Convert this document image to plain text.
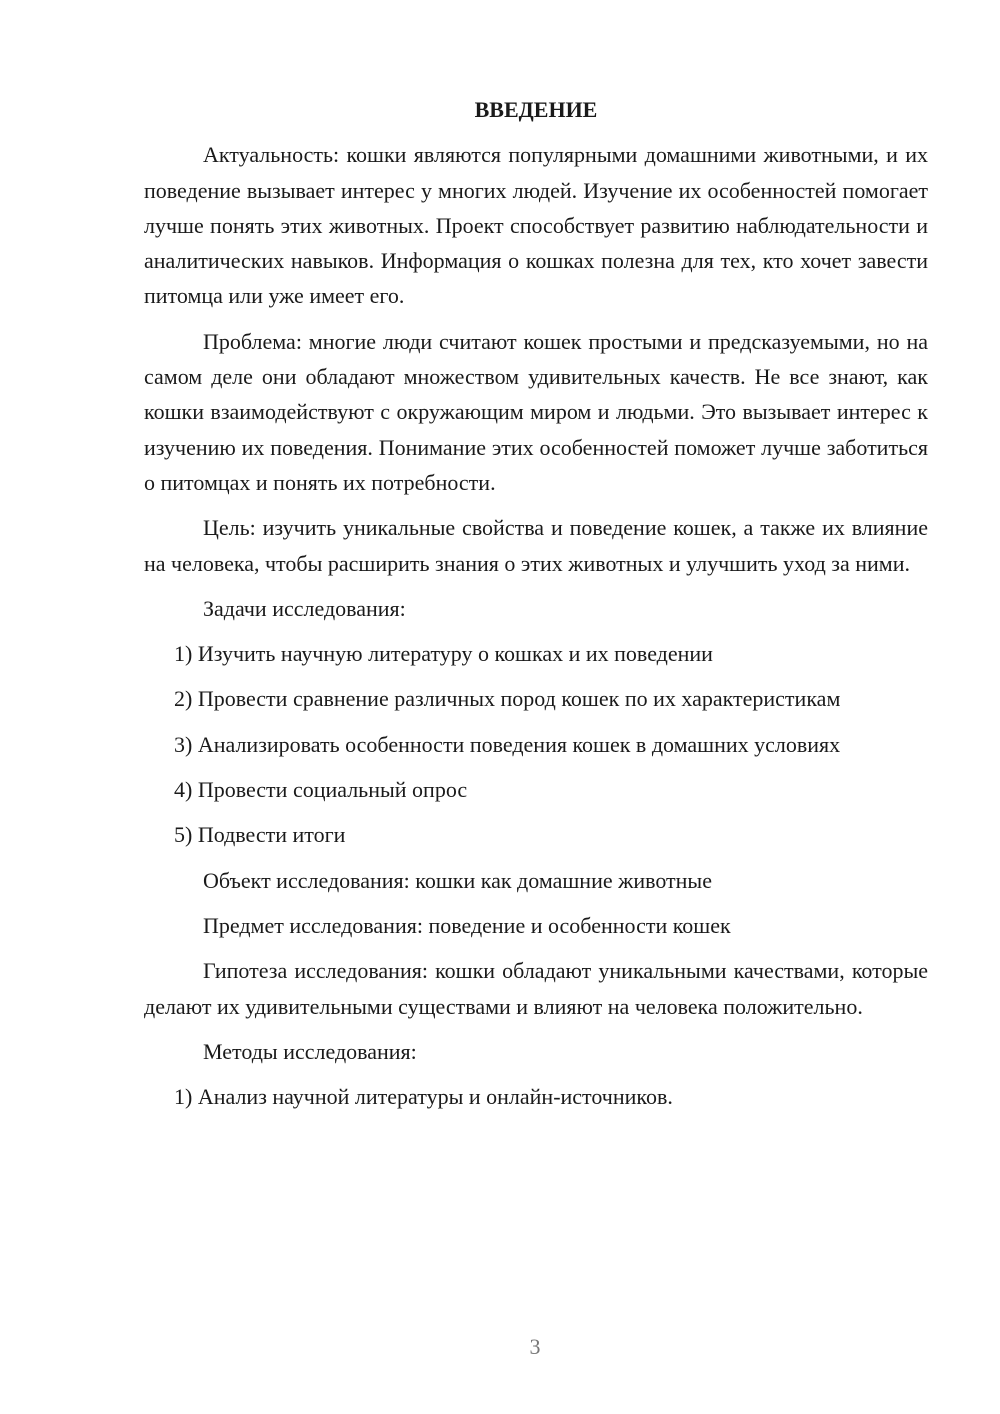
ВВЕДЕНИЕ
Актуальность: кошки являются популярными домашними животными, и их поведение вызывает интерес у многих людей. Изучение их особенностей помогает лучше понять этих животных. Проект способствует развитию наблюдательности и аналитических навыков. Информация о кошках полезна для тех, кто хочет завести питомца или уже имеет его.
Проблема: многие люди считают кошек простыми и предсказуемыми, но на самом деле они обладают множеством удивительных качеств. Не все знают, как кошки взаимодействуют с окружающим миром и людьми. Это вызывает интерес к изучению их поведения. Понимание этих особенностей поможет лучше заботиться о питомцах и понять их потребности.
Цель: изучить уникальные свойства и поведение кошек, а также их влияние на человека, чтобы расширить знания о этих животных и улучшить уход за ними.
Задачи исследования:
1) Изучить научную литературу о кошках и их поведении
2) Провести сравнение различных пород кошек по их характеристикам
3) Анализировать особенности поведения кошек в домашних условиях
4) Провести социальный опрос
5) Подвести итоги
Объект исследования: кошки как домашние животные
Предмет исследования: поведение и особенности кошек
Гипотеза исследования: кошки обладают уникальными качествами, которые делают их удивительными существами и влияют на человека положительно.
Методы исследования:
1) Анализ научной литературы и онлайн-источников.
3
